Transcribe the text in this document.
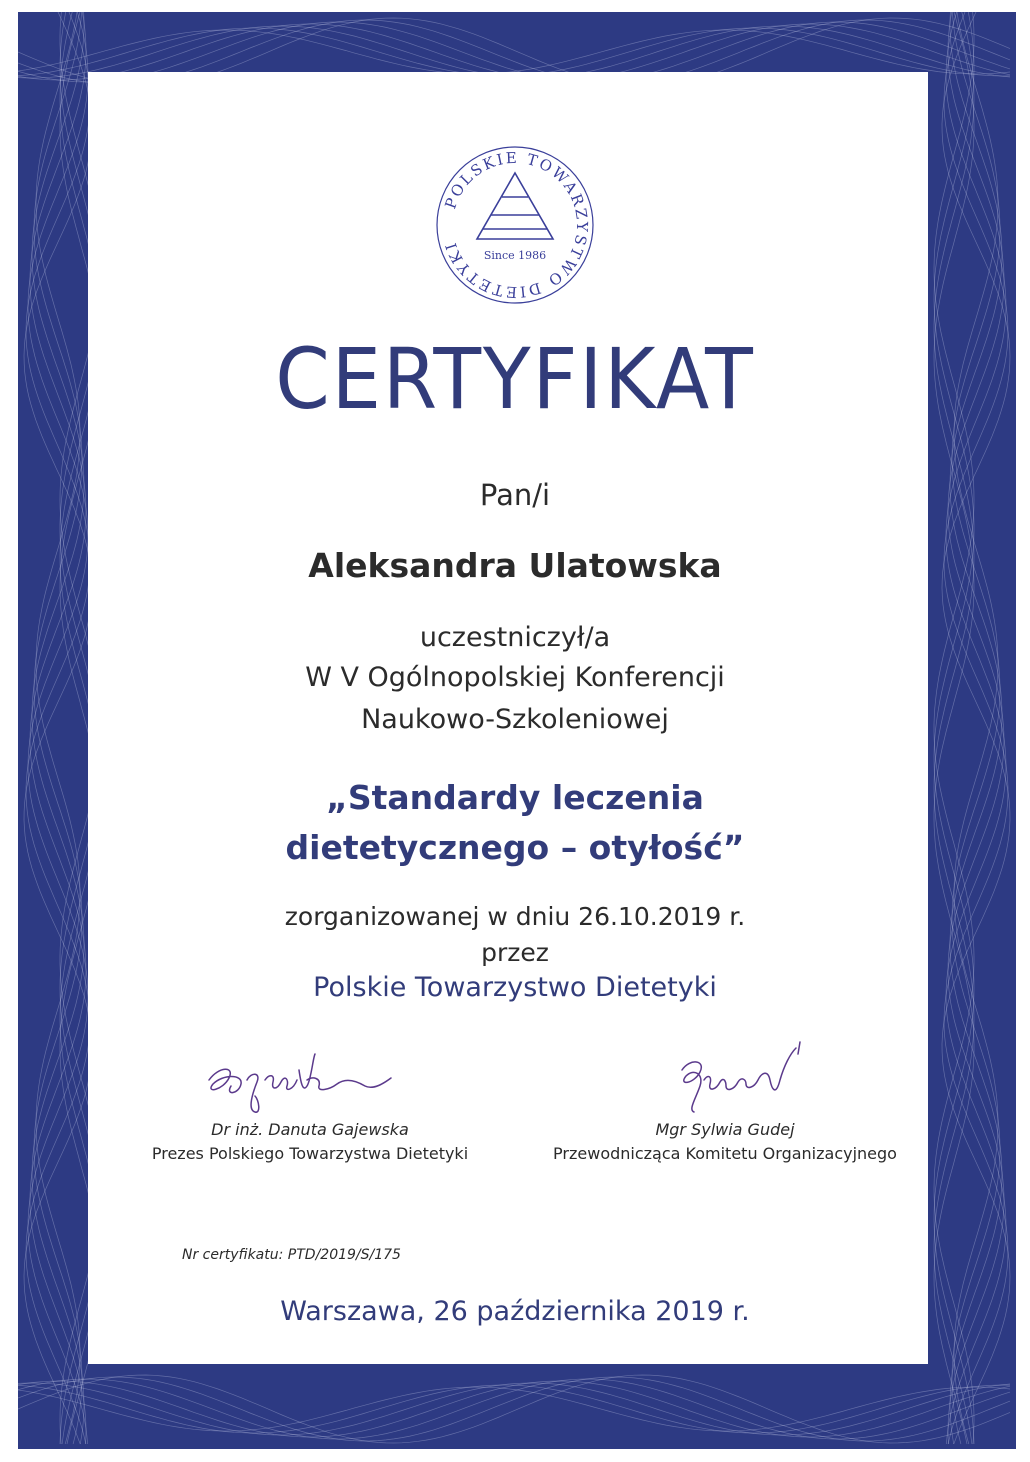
POLSKIE TOWARZYSTWO DIETETYKI
Since 1986
CERTYFIKAT
Pan/i
Aleksandra Ulatowska
uczestniczył/a
W V Ogólnopolskiej Konferencji
Naukowo-Szkoleniowej
„Standardy leczenia
dietetycznego – otyłość”
zorganizowanej w dniu 26.10.2019 r.
przez
Polskie Towarzystwo Dietetyki
Dr inż. Danuta Gajewska
Prezes Polskiego Towarzystwa Dietetyki
Mgr Sylwia Gudej
Przewodnicząca Komitetu Organizacyjnego
Nr certyfikatu: PTD/2019/S/175
Warszawa, 26 października 2019 r.
